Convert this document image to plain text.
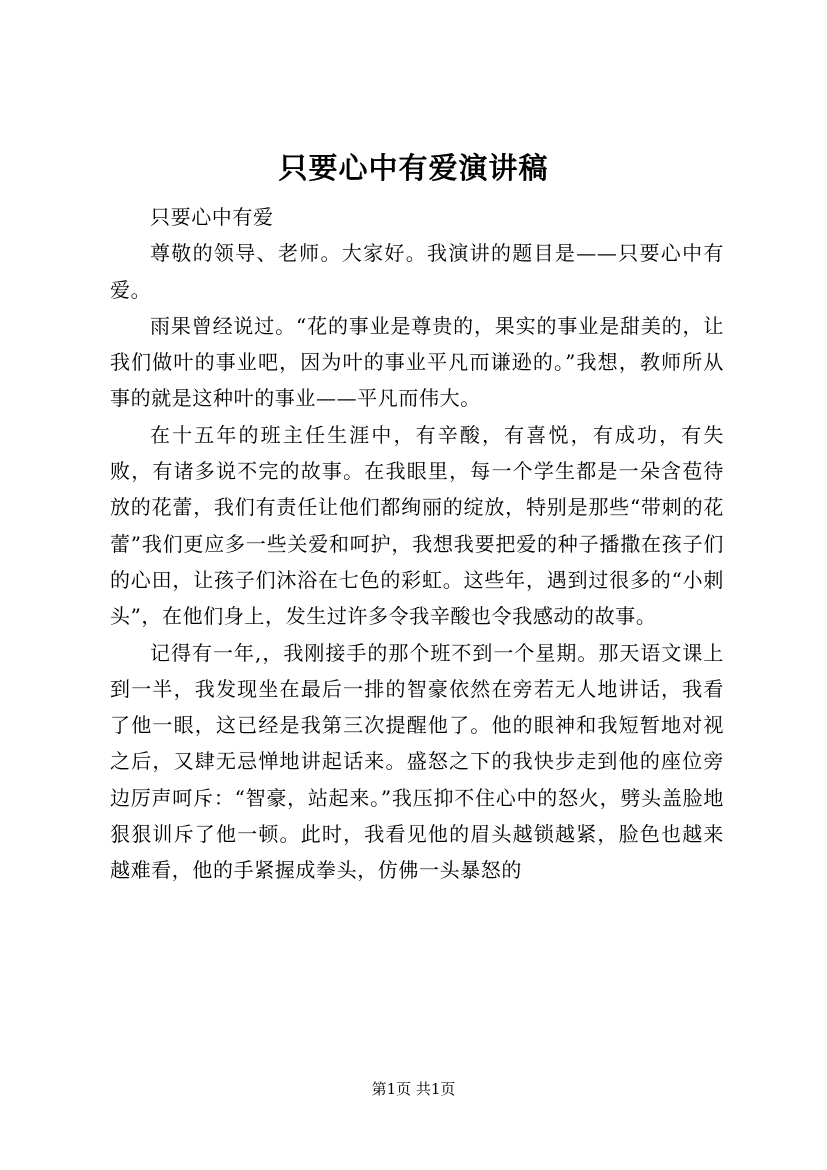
只要心中有爱演讲稿

只要心中有爱

尊敬的领导、老师。大家好。我演讲的题目是——只要心中有爱。

雨果曾经说过。“花的事业是尊贵的，果实的事业是甜美的，让我们做叶的事业吧，因为叶的事业平凡而谦逊的。”我想，教师所从事的就是这种叶的事业——平凡而伟大。

在十五年的班主任生涯中，有辛酸，有喜悦，有成功，有失败，有诸多说不完的故事。在我眼里，每一个学生都是一朵含苞待放的花蕾，我们有责任让他们都绚丽的绽放，特别是那些“带刺的花蕾”我们更应多一些关爱和呵护，我想我要把爱的种子播撒在孩子们的心田，让孩子们沐浴在七色的彩虹。这些年，遇到过很多的“小刺头”，在他们身上，发生过许多令我辛酸也令我感动的故事。

记得有一年,，我刚接手的那个班不到一个星期。那天语文课上到一半，我发现坐在最后一排的智豪依然在旁若无人地讲话，我看了他一眼，这已经是我第三次提醒他了。他的眼神和我短暂地对视之后，又肆无忌惮地讲起话来。盛怒之下的我快步走到他的座位旁边厉声呵斥：“智豪，站起来。”我压抑不住心中的怒火，劈头盖脸地狠狠训斥了他一顿。此时，我看见他的眉头越锁越紧，脸色也越来越难看，他的手紧握成拳头，仿佛一头暴怒的

第1页 共1页
